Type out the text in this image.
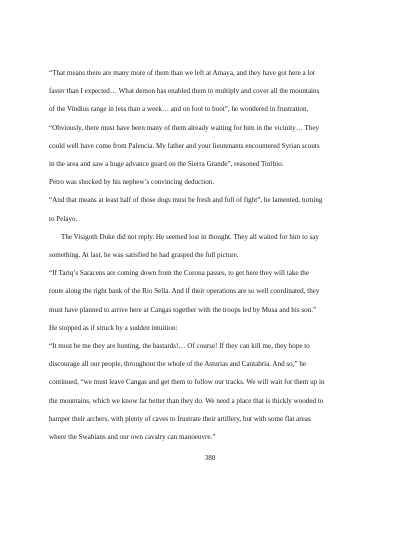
“That means there are many more of them than we left at Amaya, and they have got here a lot

faster than I expected… What demon has enabled them to multiply and cover all the mountains

of the Vindius range in less than a week… and on foot to boot”, he wondered in frustration.

“Obviously, there must have been many of them already waiting for him in the vicinity… They

could well have come from Palencia. My father and your lieutenants encountered Syrian scouts

in the area and saw a huge advance guard on the Sierra Grande”, reasoned Toribio.

Petro was shocked by his nephew’s convincing deduction.

“And that means at least half of those dogs must be fresh and full of fight”, he lamented, turning

to Pelayo.

The Visigoth Duke did not reply. He seemed lost in thought. They all waited for him to say

something. At last, he was satisfied he had grasped the full picture.

“If Tariq’s Saracens are coming down from the Corona passes, to get here they will take the

route along the right bank of the Rio Sella. And if their operations are so well coordinated, they

must have planned to arrive here at Cangas together with the troops led by Musa and his son.”

He stopped as if struck by a sudden intuition:

“It must be me they are hunting, the bastards!… Of course! If they can kill me, they hope to

discourage all our people, throughout the whole of the Asturias and Cantabria. And so,” he

continued, “we must leave Cangas and get them to follow our tracks. We will wait for them up in

the mountains, which we know far better than they do. We need a place that is thickly wooded to

hamper their archers, with plenty of caves to frustrate their artillery, but with some flat areas

where the Swabians and our own cavalry can manoeuvre.”

380
